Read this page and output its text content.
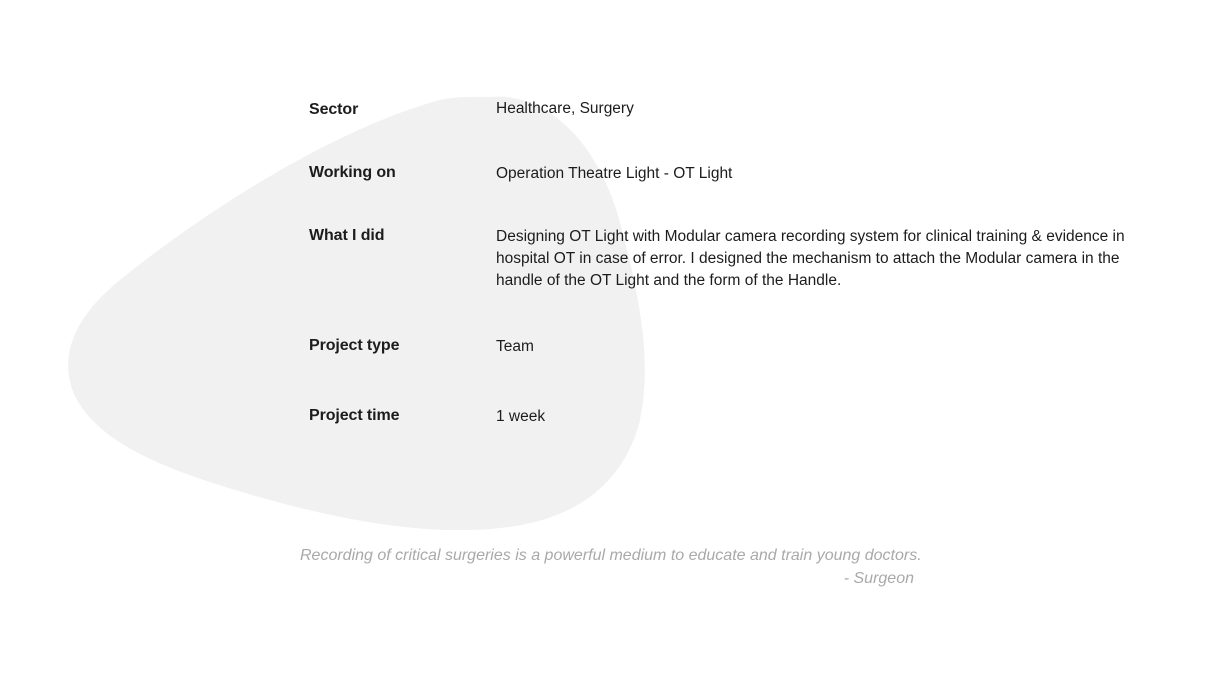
Sector	Healthcare, Surgery
Working on	Operation Theatre Light - OT Light
What I did	Designing OT Light with Modular camera recording system for clinical training & evidence in hospital OT in case of error. I designed the mechanism to attach the Modular camera in the handle of the OT Light and the form of the Handle.
Project type	Team
Project time	1 week
Recording of critical surgeries is a powerful medium to educate and train young doctors.
- Surgeon
